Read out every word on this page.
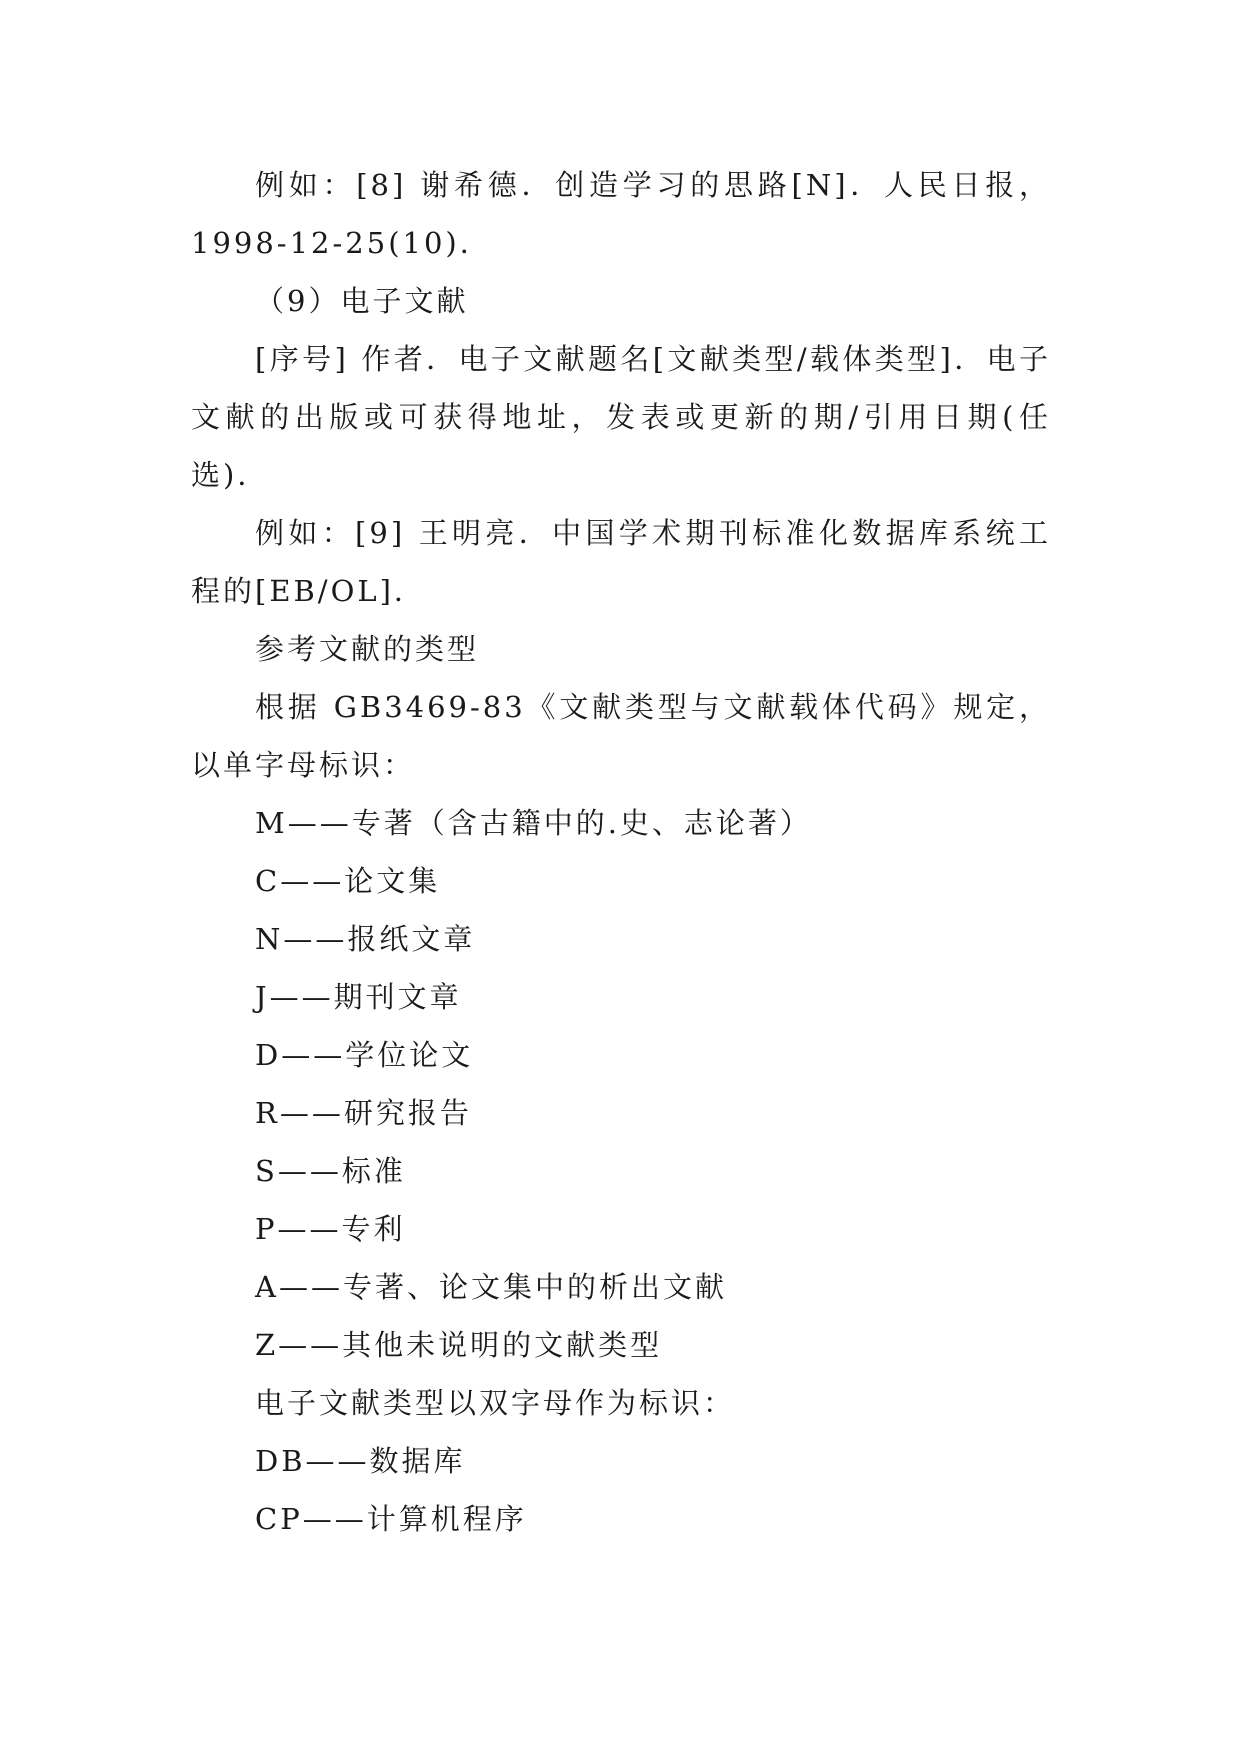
例如：[8] 谢希德．创造学习的思路[N]．人民日报，1998-12-25(10)．

（9）电子文献

[序号] 作者．电子文献题名[文献类型/载体类型]．电子文献的出版或可获得地址，发表或更新的期/引用日期(任选)．

例如：[9] 王明亮．中国学术期刊标准化数据库系统工程的[EB/OL]．

参考文献的类型

根据 GB3469-83《文献类型与文献载体代码》规定，以单字母标识：

M——专著（含古籍中的.史、志论著）

C——论文集

N——报纸文章

J——期刊文章

D——学位论文

R——研究报告

S——标准

P——专利

A——专著、论文集中的析出文献

Z——其他未说明的文献类型

电子文献类型以双字母作为标识：

DB——数据库

CP——计算机程序
